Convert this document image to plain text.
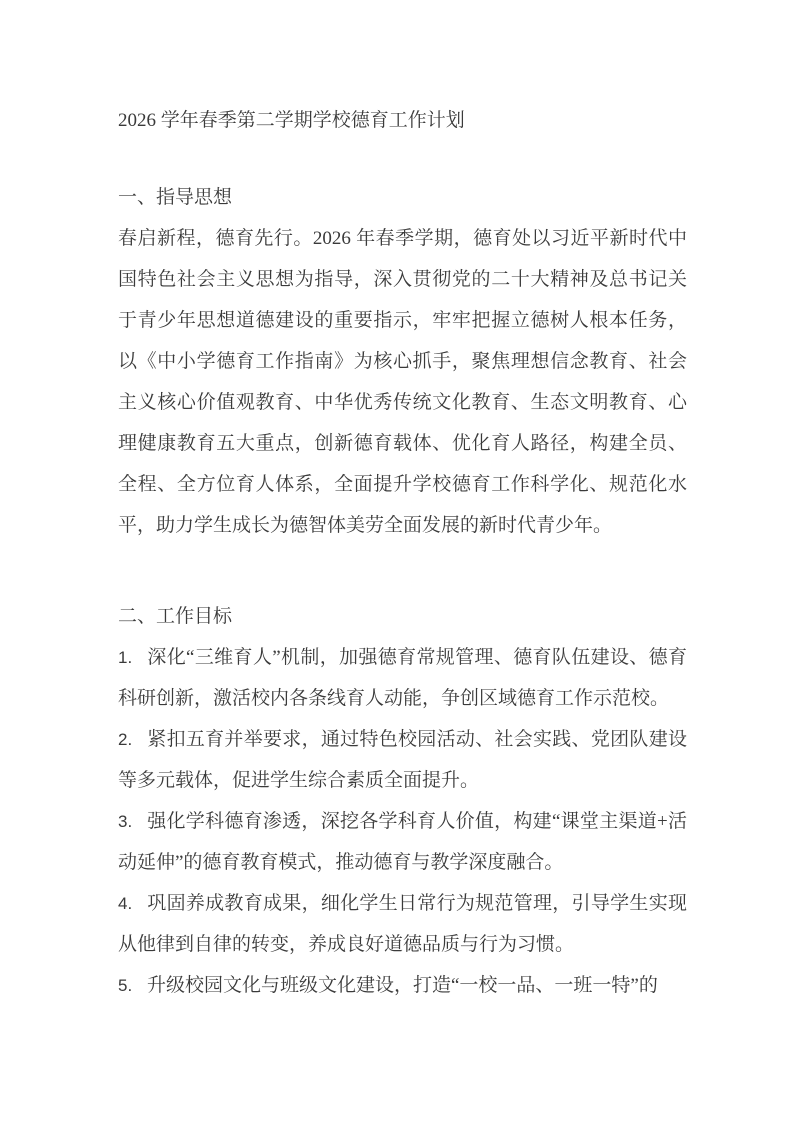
2026 学年春季第二学期学校德育工作计划
一、指导思想

春启新程，德育先行。2026 年春季学期，德育处以习近平新时代中国特色社会主义思想为指导，深入贯彻党的二十大精神及总书记关于青少年思想道德建设的重要指示，牢牢把握立德树人根本任务，以《中小学德育工作指南》为核心抓手，聚焦理想信念教育、社会主义核心价值观教育、中华优秀传统文化教育、生态文明教育、心理健康教育五大重点，创新德育载体、优化育人路径，构建全员、全程、全方位育人体系，全面提升学校德育工作科学化、规范化水平，助力学生成长为德智体美劳全面发展的新时代青少年。

二、工作目标

1. 深化“三维育人”机制，加强德育常规管理、德育队伍建设、德育科研创新，激活校内各条线育人动能，争创区域德育工作示范校。

2. 紧扣五育并举要求，通过特色校园活动、社会实践、党团队建设等多元载体，促进学生综合素质全面提升。

3. 强化学科德育渗透，深挖各学科育人价值，构建“课堂主渠道+活动延伸”的德育教育模式，推动德育与教学深度融合。

4. 巩固养成教育成果，细化学生日常行为规范管理，引导学生实现从他律到自律的转变，养成良好道德品质与行为习惯。

5. 升级校园文化与班级文化建设，打造“一校一品、一班一特”的
